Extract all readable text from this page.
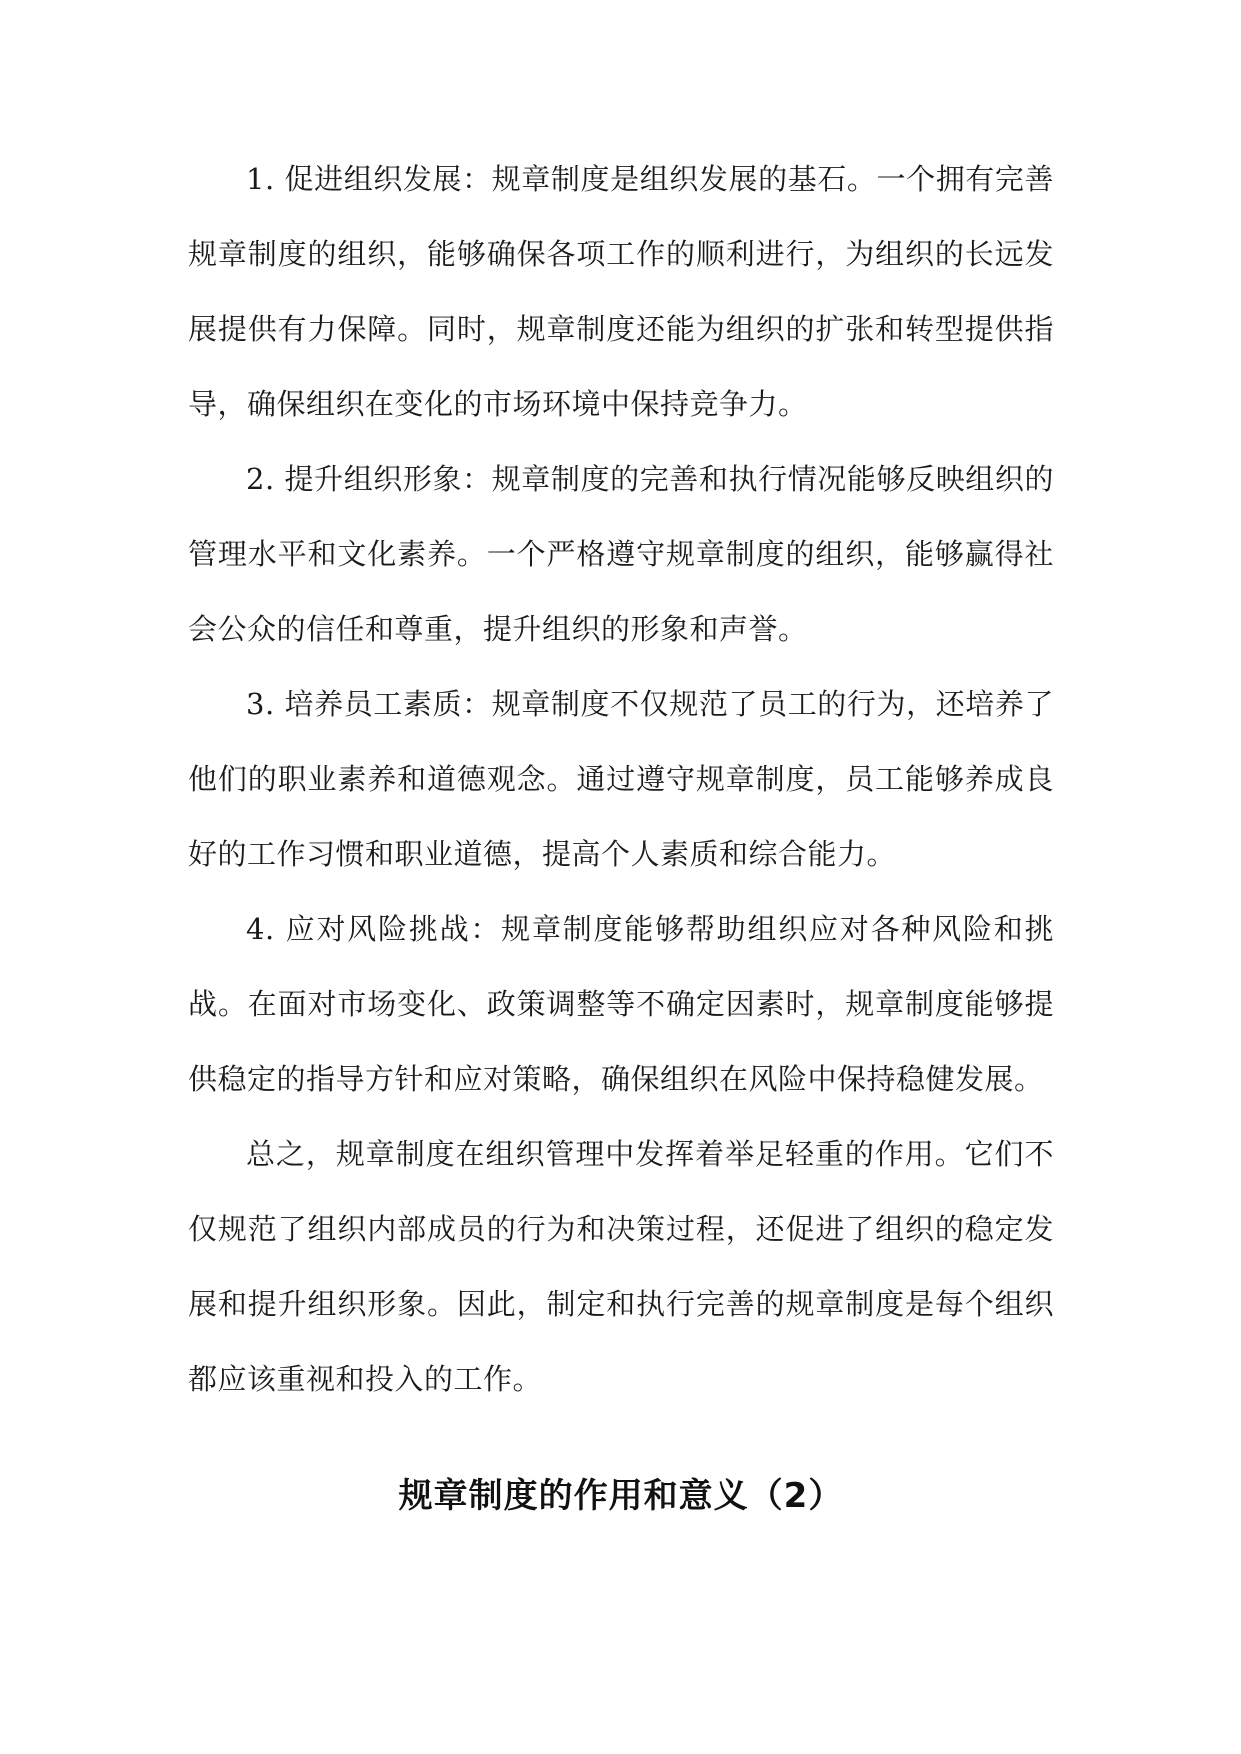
1. 促进组织发展：规章制度是组织发展的基石。一个拥有完善规章制度的组织，能够确保各项工作的顺利进行，为组织的长远发展提供有力保障。同时，规章制度还能为组织的扩张和转型提供指导，确保组织在变化的市场环境中保持竞争力。

2. 提升组织形象：规章制度的完善和执行情况能够反映组织的管理水平和文化素养。一个严格遵守规章制度的组织，能够赢得社会公众的信任和尊重，提升组织的形象和声誉。

3. 培养员工素质：规章制度不仅规范了员工的行为，还培养了他们的职业素养和道德观念。通过遵守规章制度，员工能够养成良好的工作习惯和职业道德，提高个人素质和综合能力。

4. 应对风险挑战：规章制度能够帮助组织应对各种风险和挑战。在面对市场变化、政策调整等不确定因素时，规章制度能够提供稳定的指导方针和应对策略，确保组织在风险中保持稳健发展。

总之，规章制度在组织管理中发挥着举足轻重的作用。它们不仅规范了组织内部成员的行为和决策过程，还促进了组织的稳定发展和提升组织形象。因此，制定和执行完善的规章制度是每个组织都应该重视和投入的工作。

规章制度的作用和意义（2）
